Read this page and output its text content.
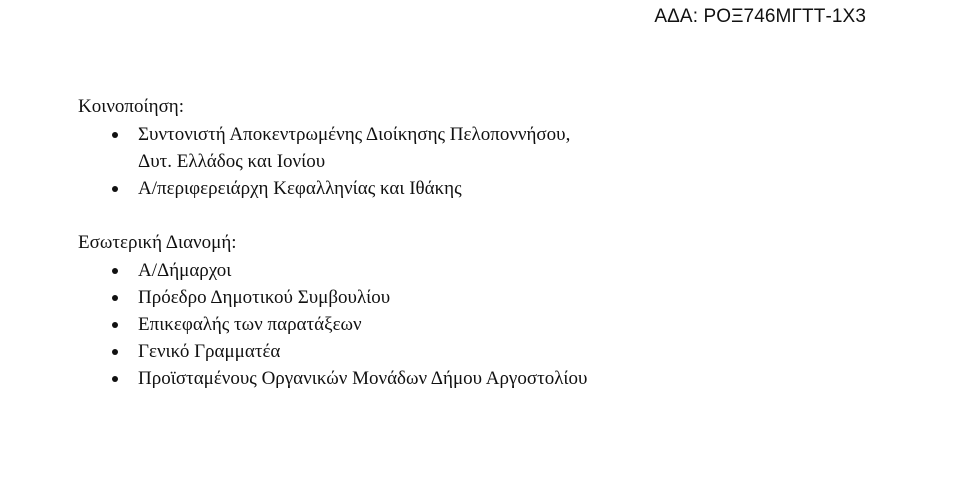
ΑΔΑ: ΡΟΞ746ΜΓΤΤ-1Χ3
Κοινοποίηση:
Συντονιστή Αποκεντρωμένης Διοίκησης Πελοποννήσου,
Δυτ. Ελλάδος και Ιονίου
Α/περιφερειάρχη Κεφαλληνίας και Ιθάκης
Εσωτερική Διανομή:
Α/Δήμαρχοι
Πρόεδρο Δημοτικού Συμβουλίου
Επικεφαλής των παρατάξεων
Γενικό Γραμματέα
Προϊσταμένους Οργανικών Μονάδων Δήμου Αργοστολίου
